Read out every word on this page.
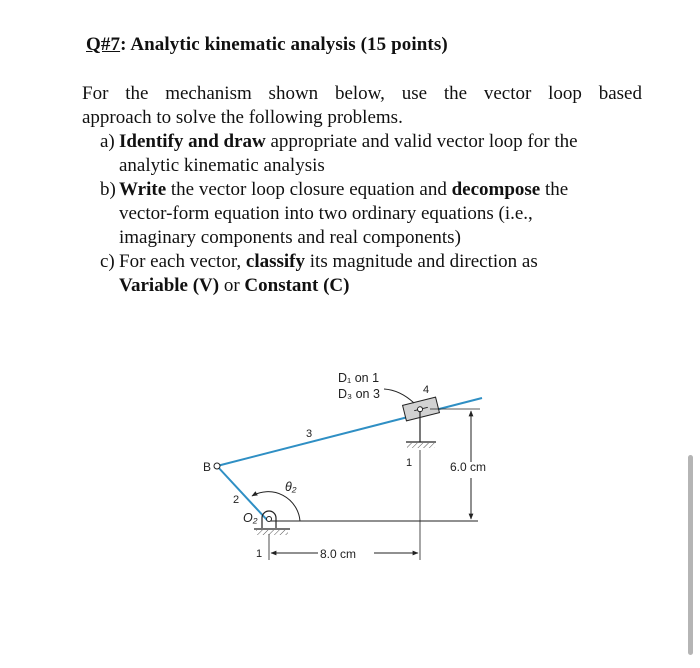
Q#7: Analytic kinematic analysis (15 points)

For the mechanism shown below, use the vector loop based
approach to solve the following problems.

a) Identify and draw appropriate and valid vector loop for the
analytic kinematic analysis
b) Write the vector loop closure equation and decompose the
vector-form equation into two ordinary equations (i.e.,
imaginary components and real components)
c) For each vector, classify its magnitude and direction as
Variable (V) or Constant (C)
D₁ on 1
D₃ on 3	4
3
1
B
2
θ₂
O₂
1
6.0 cm
8.0 cm
